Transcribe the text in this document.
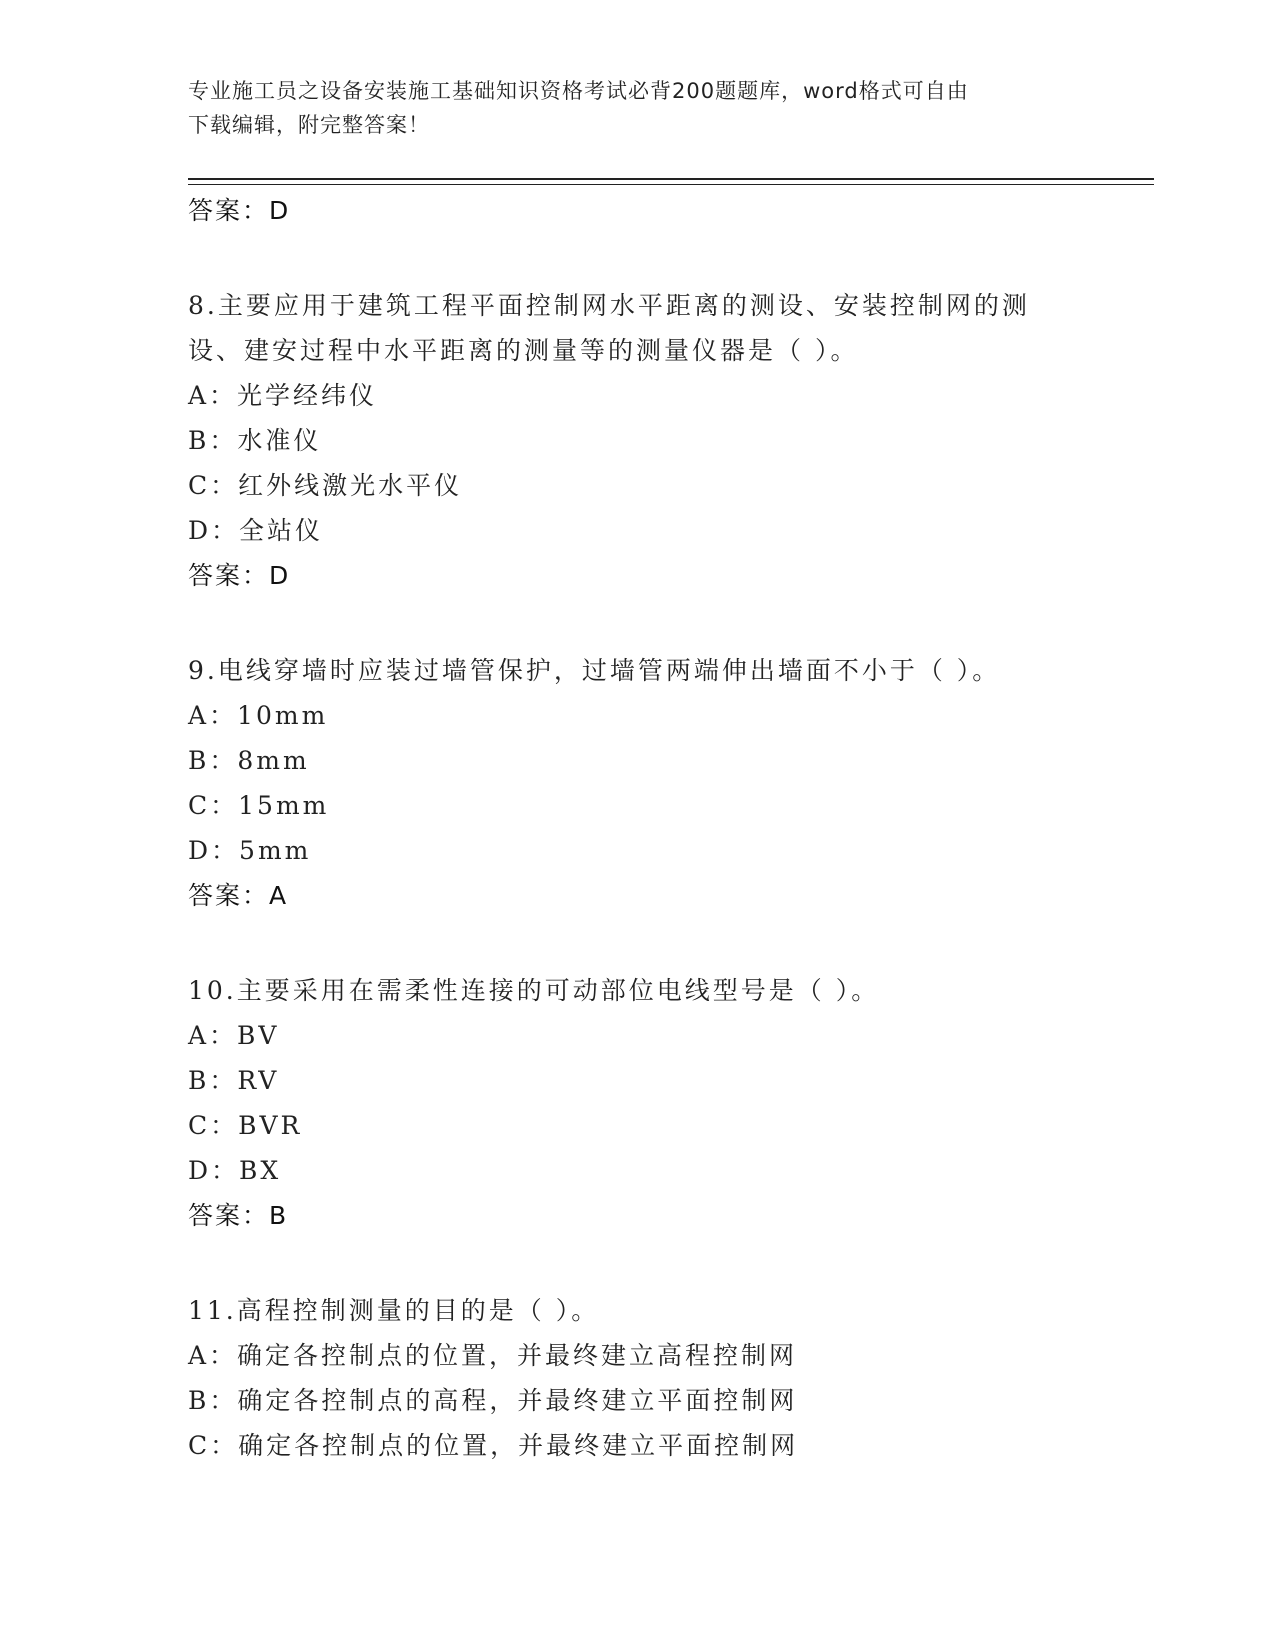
专业施工员之设备安装施工基础知识资格考试必背200题题库，word格式可自由
下载编辑，附完整答案！
答案：D
8.主要应用于建筑工程平面控制网水平距离的测设、安装控制网的测
设、建安过程中水平距离的测量等的测量仪器是（ ）。
A：光学经纬仪
B：水准仪
C：红外线激光水平仪
D：全站仪
答案：D
9.电线穿墙时应装过墙管保护，过墙管两端伸出墙面不小于（ ）。
A：10mm
B：8mm
C：15mm
D：5mm
答案：A
10.主要采用在需柔性连接的可动部位电线型号是（ ）。
A：BV
B：RV
C：BVR
D：BX
答案：B
11.高程控制测量的目的是（ ）。
A：确定各控制点的位置，并最终建立高程控制网
B：确定各控制点的高程，并最终建立平面控制网
C：确定各控制点的位置，并最终建立平面控制网
